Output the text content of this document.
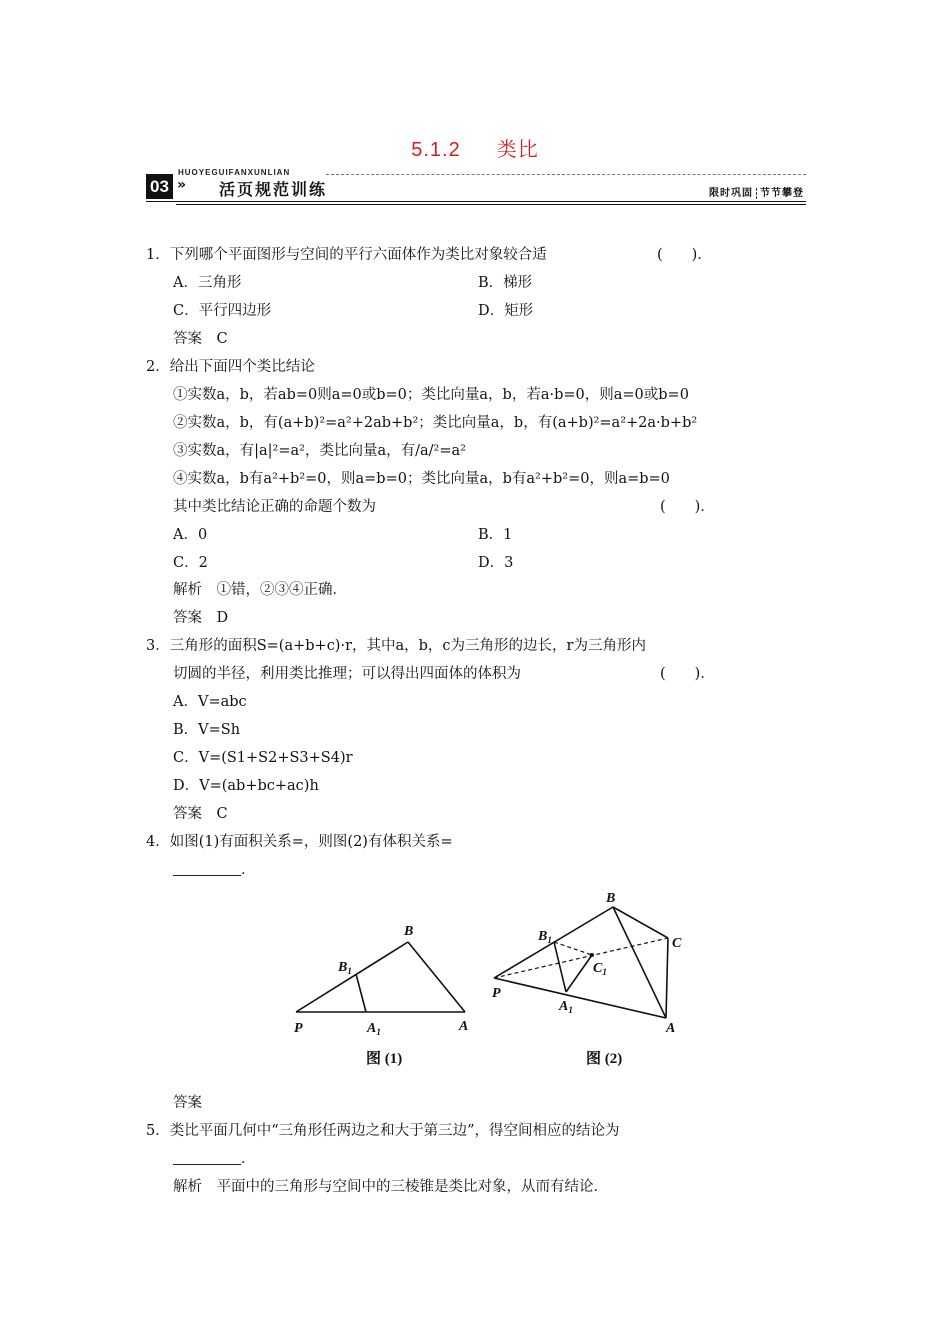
5.1.2 类比
HUOYEGUIFANXUNLIAN
03 » 活页规范训练	限时巩固 节节攀登
1．下列哪个平面图形与空间的平行六面体作为类比对象较合适	(　　)．
A．三角形	B．梯形
C．平行四边形	D．矩形
答案　C
2．给出下面四个类比结论
①实数a，b，若ab=0则a=0或b=0；类比向量a，b，若a·b=0，则a=0或b=0
②实数a，b，有(a+b)²=a²+2ab+b²；类比向量a，b，有(a+b)²=a²+2a·b+b²
③实数a，有|a|²=a²，类比向量a，有/a/²=a²
④实数a，b有a²+b²=0，则a=b=0；类比向量a，b有a²+b²=0，则a=b=0
其中类比结论正确的命题个数为	(　　)．
A．0	B．1
C．2	D．3
解析　①错，②③④正确．
答案　D
3．三角形的面积S=(a+b+c)·r，其中a，b，c为三角形的边长，r为三角形内
切圆的半径，利用类比推理；可以得出四面体的体积为	(　　)．
A．V=abc
B．V=Sh
C．V=(S1+S2+S3+S4)r
D．V=(ab+bc+ac)h
答案　C
4．如图(1)有面积关系=，则图(2)有体积关系=
．
P	$A_1$	A
$B_1$
B
图 (1)
P
$A_1$
A
$B_1$
B
$C_1$
C
图 (2)
答案
5．类比平面几何中“三角形任两边之和大于第三边”，得空间相应的结论为
．
解析　平面中的三角形与空间中的三棱锥是类比对象，从而有结论．
